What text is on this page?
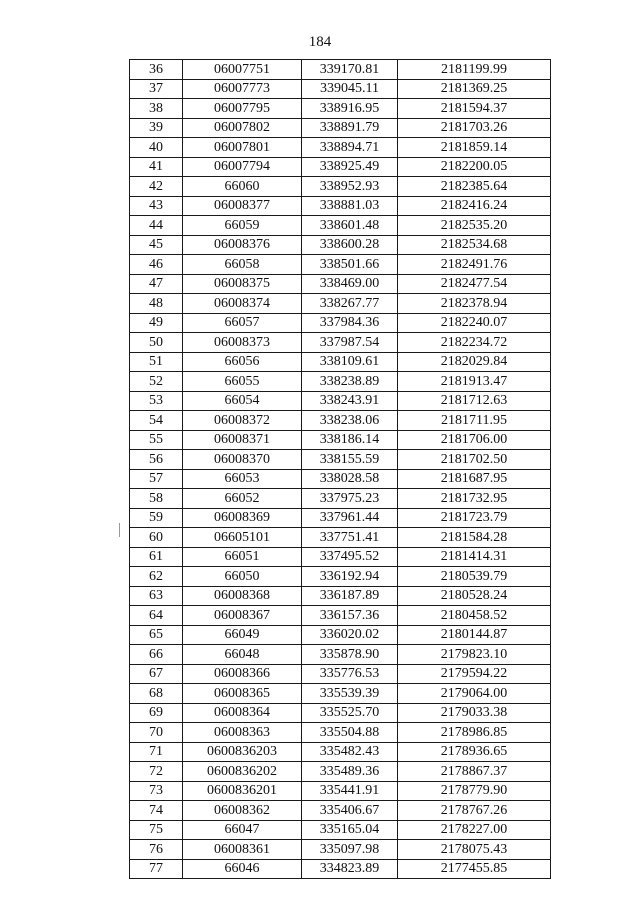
184
36	06007751	339170.81	2181199.99
37	06007773	339045.11	2181369.25
38	06007795	338916.95	2181594.37
39	06007802	338891.79	2181703.26
40	06007801	338894.71	2181859.14
41	06007794	338925.49	2182200.05
42	66060	338952.93	2182385.64
43	06008377	338881.03	2182416.24
44	66059	338601.48	2182535.20
45	06008376	338600.28	2182534.68
46	66058	338501.66	2182491.76
47	06008375	338469.00	2182477.54
48	06008374	338267.77	2182378.94
49	66057	337984.36	2182240.07
50	06008373	337987.54	2182234.72
51	66056	338109.61	2182029.84
52	66055	338238.89	2181913.47
53	66054	338243.91	2181712.63
54	06008372	338238.06	2181711.95
55	06008371	338186.14	2181706.00
56	06008370	338155.59	2181702.50
57	66053	338028.58	2181687.95
58	66052	337975.23	2181732.95
59	06008369	337961.44	2181723.79
60	06605101	337751.41	2181584.28
61	66051	337495.52	2181414.31
62	66050	336192.94	2180539.79
63	06008368	336187.89	2180528.24
64	06008367	336157.36	2180458.52
65	66049	336020.02	2180144.87
66	66048	335878.90	2179823.10
67	06008366	335776.53	2179594.22
68	06008365	335539.39	2179064.00
69	06008364	335525.70	2179033.38
70	06008363	335504.88	2178986.85
71	0600836203	335482.43	2178936.65
72	0600836202	335489.36	2178867.37
73	0600836201	335441.91	2178779.90
74	06008362	335406.67	2178767.26
75	66047	335165.04	2178227.00
76	06008361	335097.98	2178075.43
77	66046	334823.89	2177455.85
